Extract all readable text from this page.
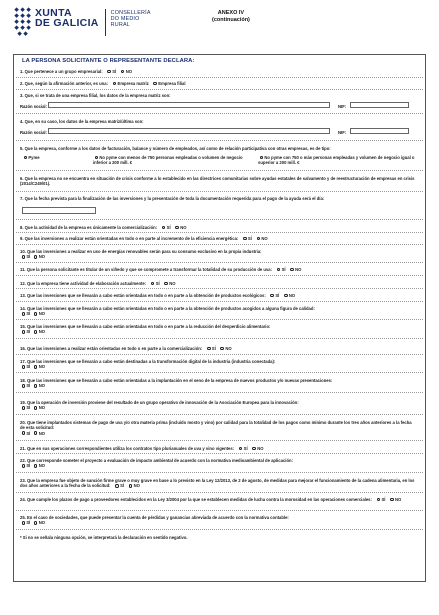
XUNTA
DE GALICIA
CONSELLERÍA
DO MEDIO
RURAL
ANEXO IV
(continuación)
LA PERSONA SOLICITANTE O REPRESENTANTE DECLARA:
1. Que pertenece a un grupo empresarial: SÍ NO
2. Que, según la afirmación anterior, es una: Empresa matriz Empresa filial
3. Que, si se trata de una empresa filial, los datos de la empresa matriz son:
Razón social:	NIF:
4. Que, en su caso, los datos de la empresa matriz/última son:
Razón social:	NIF:
5. Que la empresa, conforme a los datos de facturación, balance y número de empleados, así como de relación participativa con otras empresas, es de tipo:
Pyme	No pyme con menos de 750 personas empleadas o volumen de negocio inferior a 200 mill. €
No pyme con 750 o más personas empleadas y volumen de negocio igual o superior a 200 mill. €
6. Que la empresa no se encuentra en situación de crisis conforme a lo establecido en las directrices comunitarias sobre ayudas estatales de salvamento y de reestructuración de empresas en crisis (2014/C249/01).
7. Que la fecha prevista para la finalización de las inversiones y la presentación de toda la documentación requerida para el pago de la ayuda será el día:
8. Que la actividad de la empresa es únicamente la comercialización: SÍ NO
9. Que las inversiones a realizar están orientadas en todo o en parte al incremento de la eficiencia energética: SÍ NO
10. Que las inversiones a realizar en uso de energías renovables serán para su consumo exclusivo en la propia industria:
SÍ NO
11. Que la persona solicitante es titular de un viñedo y que se compromete a transformar la totalidad de su producción de uva: SÍ NO
12. Que la empresa tiene actividad de elaboración actualmente: SÍ NO
13. Que las inversiones que se llevarán a cabo están orientadas en todo o en parte a la obtención de productos ecológicos: SÍ NO
14. Que las inversiones que se llevarán a cabo están orientadas en todo o en parte a la obtención de productos acogidos a alguna figura de calidad:
SÍ NO
15. Que las inversiones que se llevarán a cabo están orientadas en todo o en parte a la reducción del desperdicio alimentario:
SÍ NO
16. Que las inversiones a realizar están orientadas en todo o en parte a la comercialización: SÍ NO
17. Que las inversiones que se llevarán a cabo están destinadas a la transformación digital de la industria (industria conectada):
SÍ NO
18. Que las inversiones que se llevarán a cabo están orientadas a la implantación en el seno de la empresa de nuevos productos y/o nuevas presentaciones:
SÍ NO
19. Que la operación de inversión proviene del resultado de un grupo operativo de innovación de la Asociación Europea para la innovación:
SÍ NO
20. Que tiene implantados sistemas de pago de uva y/o otra materia prima (incluido mosto y vino) por calidad para la totalidad de los pagos como mínimo durante los tres años anteriores a la fecha de esta solicitud:
SÍ NO
21. Que en sus operaciones correspondientes utiliza los contratos tipo plurianuales de uva y vino vigentes: SÍ NO
22. Que corresponde someter el proyecto a evaluación de impacto ambiental de acuerdo con la normativa medioambiental de aplicación:
SÍ NO
23. Que la empresa fue objeto de sanción firme grave o muy grave en base a lo previsto en la Ley 12/2013, de 2 de agosto, de medidas para mejorar el funcionamiento de la cadena alimentaria, en los dos años anteriores a la fecha de la solicitud: SÍ NO
24. Que cumple los plazos de pago a proveedores establecidos en la Ley 3/2004 por la que se establecen medidas de lucha contra la morosidad en las operaciones comerciales: SÍ NO
25. En el caso de sociedades, que puede presentar la cuenta de pérdidas y ganancias abreviada de acuerdo con la normativa contable:
SÍ NO
* Si no se señala ninguna opción, se interpretará la declaración en sentido negativo.
